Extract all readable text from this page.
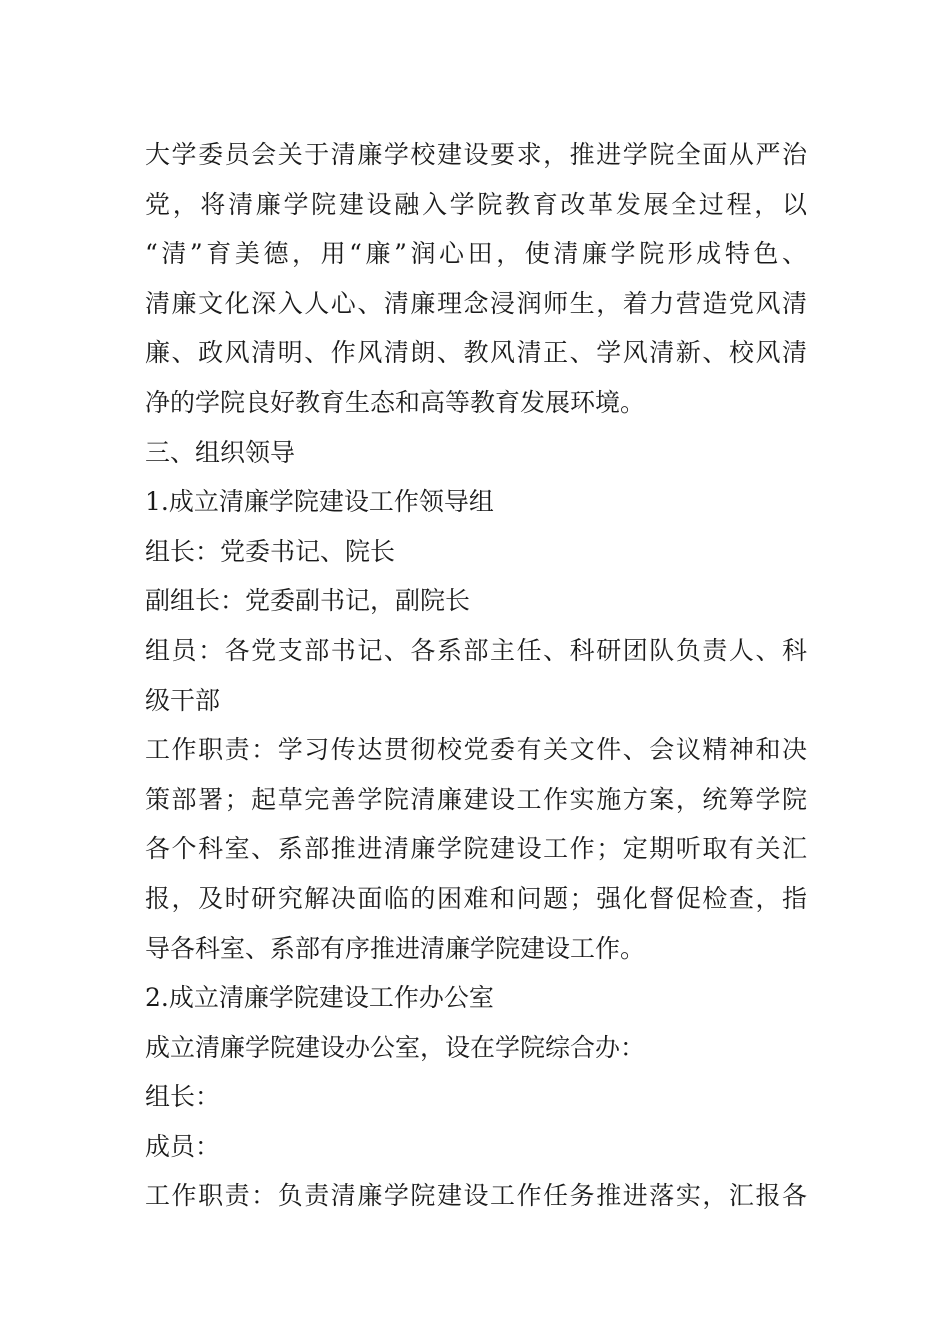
大学委员会关于清廉学校建设要求，推进学院全面从严治
党，将清廉学院建设融入学院教育改革发展全过程，以
“清”育美德，用“廉”润心田，使清廉学院形成特色、
清廉文化深入人心、清廉理念浸润师生，着力营造党风清
廉、政风清明、作风清朗、教风清正、学风清新、校风清
净的学院良好教育生态和高等教育发展环境。
三、组织领导
1.成立清廉学院建设工作领导组
组长：党委书记、院长
副组长：党委副书记，副院长
组员：各党支部书记、各系部主任、科研团队负责人、科
级干部
工作职责：学习传达贯彻校党委有关文件、会议精神和决
策部署；起草完善学院清廉建设工作实施方案，统筹学院
各个科室、系部推进清廉学院建设工作；定期听取有关汇
报，及时研究解决面临的困难和问题；强化督促检查，指
导各科室、系部有序推进清廉学院建设工作。
2.成立清廉学院建设工作办公室
成立清廉学院建设办公室，设在学院综合办：
组长：
成员：
工作职责：负责清廉学院建设工作任务推进落实，汇报各
